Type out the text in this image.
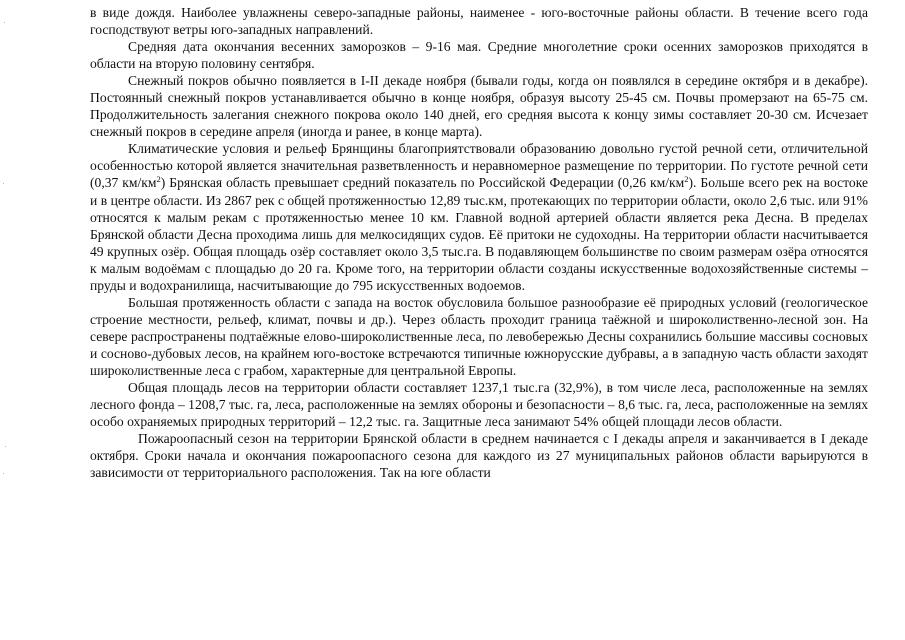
в виде дождя. Наиболее увлажнены северо-западные районы, наименее - юго-восточные районы области. В течение всего года господствуют ветры юго-западных направлений.

Средняя дата окончания весенних заморозков – 9-16 мая. Средние многолетние сроки осенних заморозков приходятся в области на вторую половину сентября.

Снежный покров обычно появляется в I-II декаде ноября (бывали годы, когда он появлялся в середине октября и в декабре). Постоянный снежный покров устанавливается обычно в конце ноября, образуя высоту 25-45 см. Почвы промерзают на 65-75 см. Продолжительность залегания снежного покрова около 140 дней, его средняя высота к концу зимы составляет 20-30 см. Исчезает снежный покров в середине апреля (иногда и ранее, в конце марта).

Климатические условия и рельеф Брянщины благоприятствовали образованию довольно густой речной сети, отличительной особенностью которой является значительная разветвленность и неравномерное размещение по территории. По густоте речной сети (0,37 $км/км^2$) Брянская область превышает средний показатель по Российской Федерации (0,26 $км/км^2$). Больше всего рек на востоке и в центре области. Из 2867 рек с общей протяженностью 12,89 тыс.км, протекающих по территории области, около 2,6 тыс. или 91% относятся к малым рекам с протяженностью менее 10 км. Главной водной артерией области является река Десна. В пределах Брянской области Десна проходима лишь для мелкосидящих судов. Её притоки не судоходны. На территории области насчитывается 49 крупных озёр. Общая площадь озёр составляет около 3,5 тыс.га. В подавляющем большинстве по своим размерам озёра относятся к малым водоёмам с площадью до 20 га. Кроме того, на территории области созданы искусственные водохозяйственные системы – пруды и водохранилища, насчитывающие до 795 искусственных водоемов.

Большая протяженность области с запада на восток обусловила большое разнообразие её природных условий (геологическое строение местности, рельеф, климат, почвы и др.). Через область проходит граница таёжной и широколиственно-лесной зон. На севере распространены подтаёжные елово-широколиственные леса, по левобережью Десны сохранились большие массивы сосновых и сосново-дубовых лесов, на крайнем юго-востоке встречаются типичные южнорусские дубравы, а в западную часть области заходят широколиственные леса с грабом, характерные для центральной Европы.

Общая площадь лесов на территории области составляет 1237,1 тыс.га (32,9%), в том числе леса, расположенные на землях лесного фонда – 1208,7 тыс. га, леса, расположенные на землях обороны и безопасности – 8,6 тыс. га, леса, расположенные на землях особо охраняемых природных территорий – 12,2 тыс. га. Защитные леса занимают 54% общей площади лесов области.

Пожароопасный сезон на территории Брянской области в среднем начинается с I декады апреля и заканчивается в I декаде октября. Сроки начала и окончания пожароопасного сезона для каждого из 27 муниципальных районов области варьируются в зависимости от территориального расположения. Так на юге области
